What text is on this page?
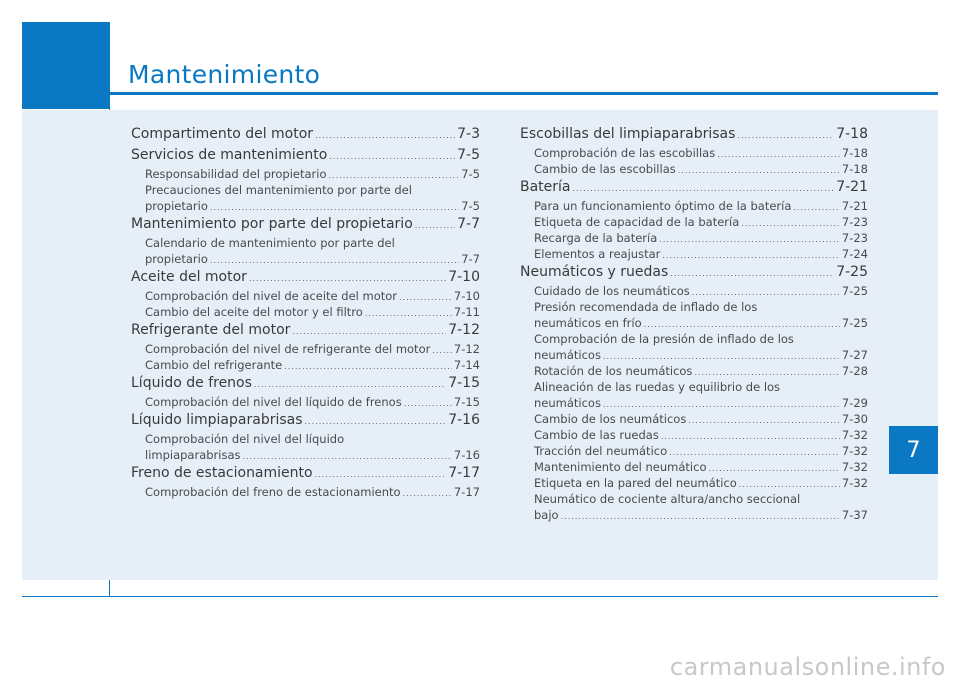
Mantenimiento
Compartimento del motor .....	7-3
Servicios de mantenimiento .....	7-5
Responsabilidad del propietario .....	7-5
Precauciones del mantenimiento por parte del
propietario .....	7-5
Mantenimiento por parte del propietario .....	7-7
Calendario de mantenimiento por parte del
propietario .....	7-7
Aceite del motor .....	7-10
Comprobación del nivel de aceite del motor .....	7-10
Cambio del aceite del motor y el filtro .....	7-11
Refrigerante del motor .....	7-12
Comprobación del nivel de refrigerante del motor ..... 7-12
Cambio del refrigerante .....	7-14
Líquido de frenos .....	7-15
Comprobación del nivel del líquido de frenos .....	7-15
Líquido limpiaparabrisas .....	7-16
Comprobación del nivel del líquido
limpiaparabrisas .....	7-16
Freno de estacionamiento .....	7-17
Comprobación del freno de estacionamiento .....	7-17
Escobillas del limpiaparabrisas .....	7-18
Comprobación de las escobillas .....	7-18
Cambio de las escobillas .....	7-18
Batería .....	7-21
Para un funcionamiento óptimo de la batería .....	7-21
Etiqueta de capacidad de la batería .....	7-23
Recarga de la batería .....	7-23
Elementos a reajustar .....	7-24
Neumáticos y ruedas .....	7-25
Cuidado de los neumáticos .....	7-25
Presión recomendada de inflado de los
neumáticos en frío .....	7-25
Comprobación de la presión de inflado de los
neumáticos .....	7-27
Rotación de los neumáticos .....	7-28
Alineación de las ruedas y equilibrio de los
neumáticos .....	7-29
Cambio de los neumáticos .....	7-30
Cambio de las ruedas .....	7-32
Tracción del neumático .....	7-32
Mantenimiento del neumático .....	7-32
Etiqueta en la pared del neumático .....	7-32
Neumático de cociente altura/ancho seccional
bajo .....	7-37
7
carmanualsonline.info
